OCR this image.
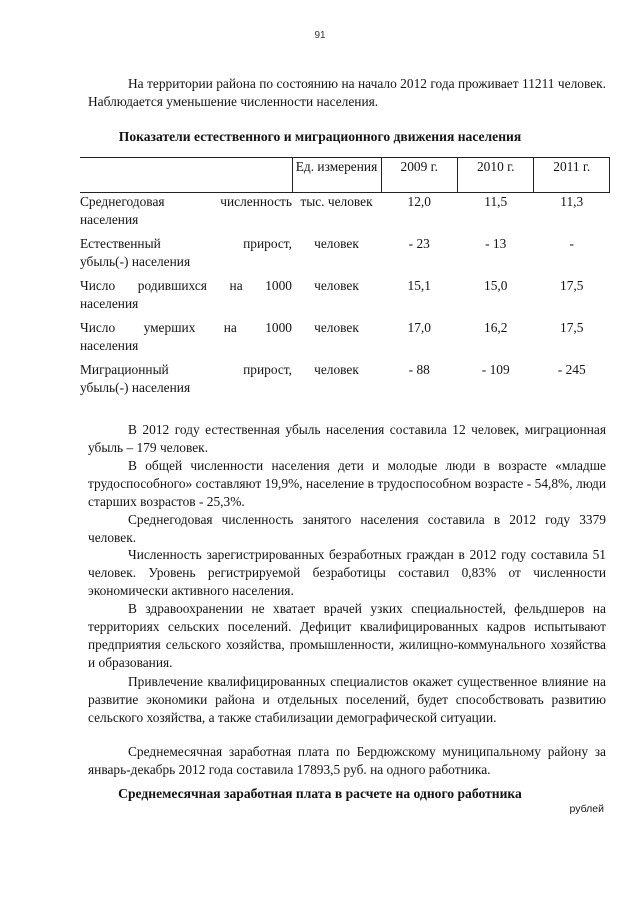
91

На территории района по состоянию на начало 2012 года проживает 11211 человек. Наблюдается уменьшение численности населения.

Показатели естественного и миграционного движения населения

	Ед. измерения	2009 г.	2010 г.	2011 г.

Среднегодовая численность
населения	тыс. человек	12,0	11,5	11,3

Естественный прирост,
убыль(-) населения	человек	- 23	- 13	-

Число родившихся на 1000
населения	человек	15,1	15,0	17,5

Число умерших на 1000
населения	человек	17,0	16,2	17,5

Миграционный прирост,
убыль(-) населения	человек	- 88	- 109	- 245

В 2012 году естественная убыль населения составила 12 человек, миграционная убыль – 179 человек.

В общей численности населения дети и молодые люди в возрасте «младше трудоспособного» составляют 19,9%, население в трудоспособном возрасте - 54,8%, люди старших возрастов - 25,3%.

Среднегодовая численность занятого населения составила в 2012 году 3379 человек.

Численность зарегистрированных безработных граждан в 2012 году составила 51 человек. Уровень регистрируемой безработицы составил 0,83% от численности экономически активного населения.

В здравоохранении не хватает врачей узких специальностей, фельдшеров на территориях сельских поселений. Дефицит квалифицированных кадров испытывают предприятия сельского хозяйства, промышленности, жилищно-коммунального хозяйства и образования.

Привлечение квалифицированных специалистов окажет существенное влияние на развитие экономики района и отдельных поселений, будет способствовать развитию сельского хозяйства, а также стабилизации демографической ситуации.

Среднемесячная заработная плата по Бердюжскому муниципальному району за январь-декабрь 2012 года составила 17893,5 руб. на одного работника.

Среднемесячная заработная плата в расчете на одного работника

рублей
